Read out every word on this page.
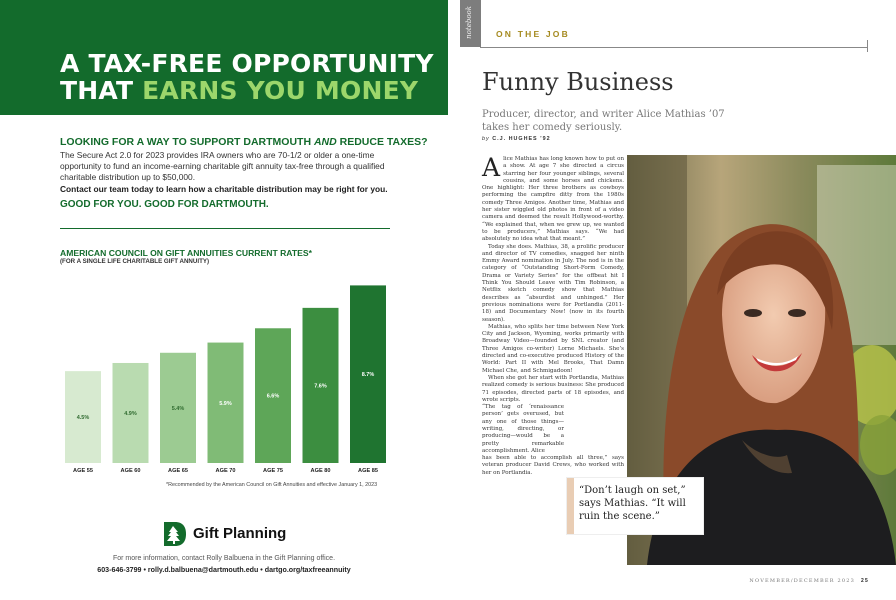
A TAX-FREE OPPORTUNITY
THAT EARNS YOU MONEY
LOOKING FOR A WAY TO SUPPORT DARTMOUTH AND REDUCE TAXES?
The Secure Act 2.0 for 2023 provides IRA owners who are 70-1/2 or older a one-time opportunity to fund an income-earning charitable gift annuity tax-free through a qualified charitable distribution up to $50,000.
Contact our team today to learn how a charitable distribution may be right for you.
GOOD FOR YOU. GOOD FOR DARTMOUTH.
AMERICAN COUNCIL ON GIFT ANNUITIES CURRENT RATES*
(FOR A SINGLE LIFE CHARITABLE GIFT ANNUITY)
4.5%
AGE 55
4.9%
AGE 60
5.4%
AGE 65
5.9%
AGE 70
6.6%
AGE 75
7.6%
AGE 80
8.7%
AGE 85
*Recommended by the American Council on Gift Annuities and effective January 1, 2023
Gift Planning
For more information, contact Rolly Balbuena in the Gift Planning office.
603-646-3799 • rolly.d.balbuena@dartmouth.edu • dartgo.org/taxfreeannuity
notebook	ON THE JOB
Funny Business
Producer, director, and writer Alice Mathias ’07 takes her comedy seriously.
by C.J. HUGHES ’92

Alice Mathias has long known how to put on a show. At age 7 she directed a circus starring her four younger siblings, several cousins, and some horses and chickens. One highlight: Her three brothers as cowboys performing the campfire ditty from the 1980s comedy Three Amigos. Another time, Mathias and her sister wiggled old photos in front of a video camera and deemed the result Hollywood-worthy. “We explained that, when we grew up, we wanted to be producers,” Mathias says. “We had absolutely no idea what that meant.”

Today she does. Mathias, 38, a prolific producer and director of TV comedies, snagged her ninth Emmy Award nomination in July. The nod is in the category of “Outstanding Short-Form Comedy, Drama or Variety Series” for the offbeat hit I Think You Should Leave with Tim Robinson, a Netflix sketch comedy show that Mathias describes as “absurdist and unhinged.” Her previous nominations were for Portlandia (2011-18) and Documentary Now! (now in its fourth season).

Mathias, who splits her time between New York City and Jackson, Wyoming, works primarily with Broadway Video—founded by SNL creator (and Three Amigos co-writer) Lorne Michaels. She’s directed and co-executive produced History of the World: Part II with Mel Brooks, That Damn Michael Che, and Schmigadoon!

When she got her start with Portlandia, Mathias realized comedy is serious business: She produced 71 episodes, directed parts of 18 episodes, and wrote scripts.

“The tag of ‘renaissance person’ gets overused, but any one of those things—writing, directing, or producing—would be a pretty remarkable accomplishment. Alice
has been able to accomplish all three,” says veteran producer David Crews, who worked with her on Portlandia.
“Don’t laugh on set,” says Mathias. “It will ruin the scene.”
NOVEMBER/DECEMBER 2023 25
